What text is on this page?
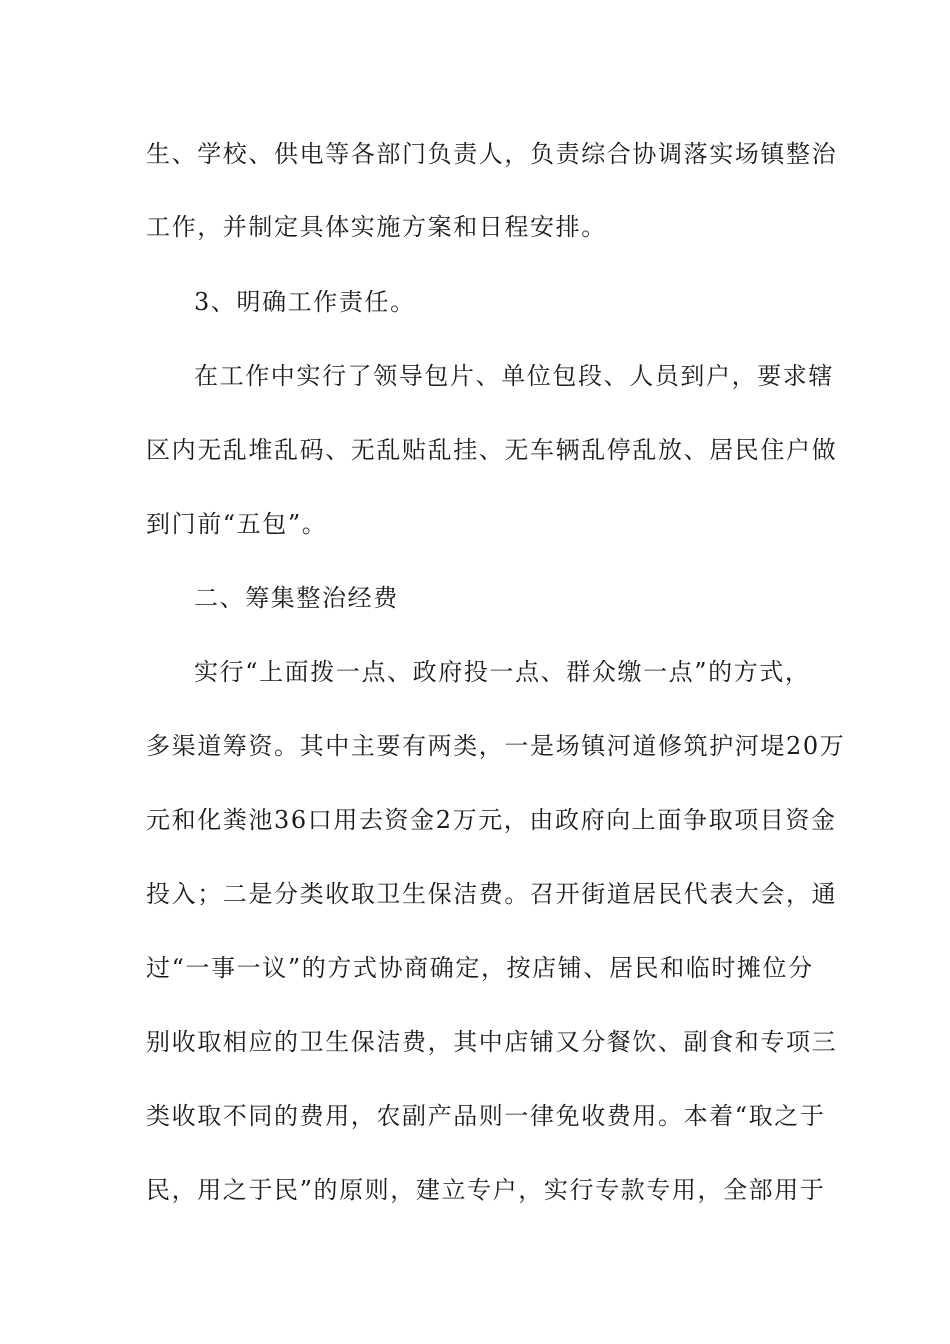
生、学校、供电等各部门负责人，负责综合协调落实场镇整治
工作，并制定具体实施方案和日程安排。
3、明确工作责任。
在工作中实行了领导包片、单位包段、人员到户，要求辖
区内无乱堆乱码、无乱贴乱挂、无车辆乱停乱放、居民住户做
到门前“五包”。
二、筹集整治经费
实行“上面拨一点、政府投一点、群众缴一点”的方式，
多渠道筹资。其中主要有两类，一是场镇河道修筑护河堤20万
元和化粪池36口用去资金2万元，由政府向上面争取项目资金
投入；二是分类收取卫生保洁费。召开街道居民代表大会，通
过“一事一议”的方式协商确定，按店铺、居民和临时摊位分
别收取相应的卫生保洁费，其中店铺又分餐饮、副食和专项三
类收取不同的费用，农副产品则一律免收费用。本着“取之于
民，用之于民”的原则，建立专户，实行专款专用，全部用于
